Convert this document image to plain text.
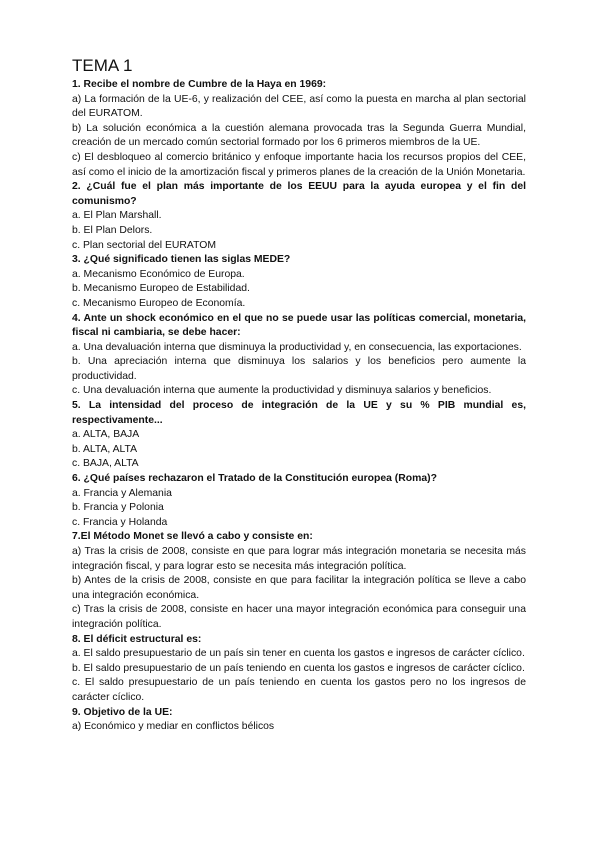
TEMA 1
1. Recibe el nombre de Cumbre de la Haya en 1969:
a) La formación de la UE-6, y realización del CEE, así como la puesta en marcha al plan sectorial del EURATOM.
b) La solución económica a la cuestión alemana provocada tras la Segunda Guerra Mundial, creación de un mercado común sectorial formado por los 6 primeros miembros de la UE.
c) El desbloqueo al comercio británico y enfoque importante hacia los recursos propios del CEE, así como el inicio de la amortización fiscal y primeros planes de la creación de la Unión Monetaria.
2. ¿Cuál fue el plan más importante de los EEUU para la ayuda europea y el fin del comunismo?
a. El Plan Marshall.
b. El Plan Delors.
c. Plan sectorial del EURATOM
3. ¿Qué significado tienen las siglas MEDE?
a. Mecanismo Económico de Europa.
b. Mecanismo Europeo de Estabilidad.
c. Mecanismo Europeo de Economía.
4. Ante un shock económico en el que no se puede usar las políticas comercial, monetaria, fiscal ni cambiaria, se debe hacer:
a. Una devaluación interna que disminuya la productividad y, en consecuencia, las exportaciones.
b. Una apreciación interna que disminuya los salarios y los beneficios pero aumente la productividad.
c. Una devaluación interna que aumente la productividad y disminuya salarios y beneficios.
5. La intensidad del proceso de integración de la UE y su % PIB mundial es, respectivamente...
a. ALTA, BAJA
b. ALTA, ALTA
c. BAJA, ALTA
6. ¿Qué países rechazaron el Tratado de la Constitución europea (Roma)?
a. Francia y Alemania
b. Francia y Polonia
c. Francia y Holanda
7.El Método Monet se llevó a cabo y consiste en:
a) Tras la crisis de 2008, consiste en que para lograr más integración monetaria se necesita más integración fiscal, y para lograr esto se necesita más integración política.
b) Antes de la crisis de 2008, consiste en que para facilitar la integración política se lleve a cabo una integración económica.
c) Tras la crisis de 2008, consiste en hacer una mayor integración económica para conseguir una integración política.
8. El déficit estructural es:
a. El saldo presupuestario de un país sin tener en cuenta los gastos e ingresos de carácter cíclico.
b. El saldo presupuestario de un país teniendo en cuenta los gastos e ingresos de carácter cíclico.
c. El saldo presupuestario de un país teniendo en cuenta los gastos pero no los ingresos de carácter cíclico.
9. Objetivo de la UE:
a) Económico y mediar en conflictos bélicos
